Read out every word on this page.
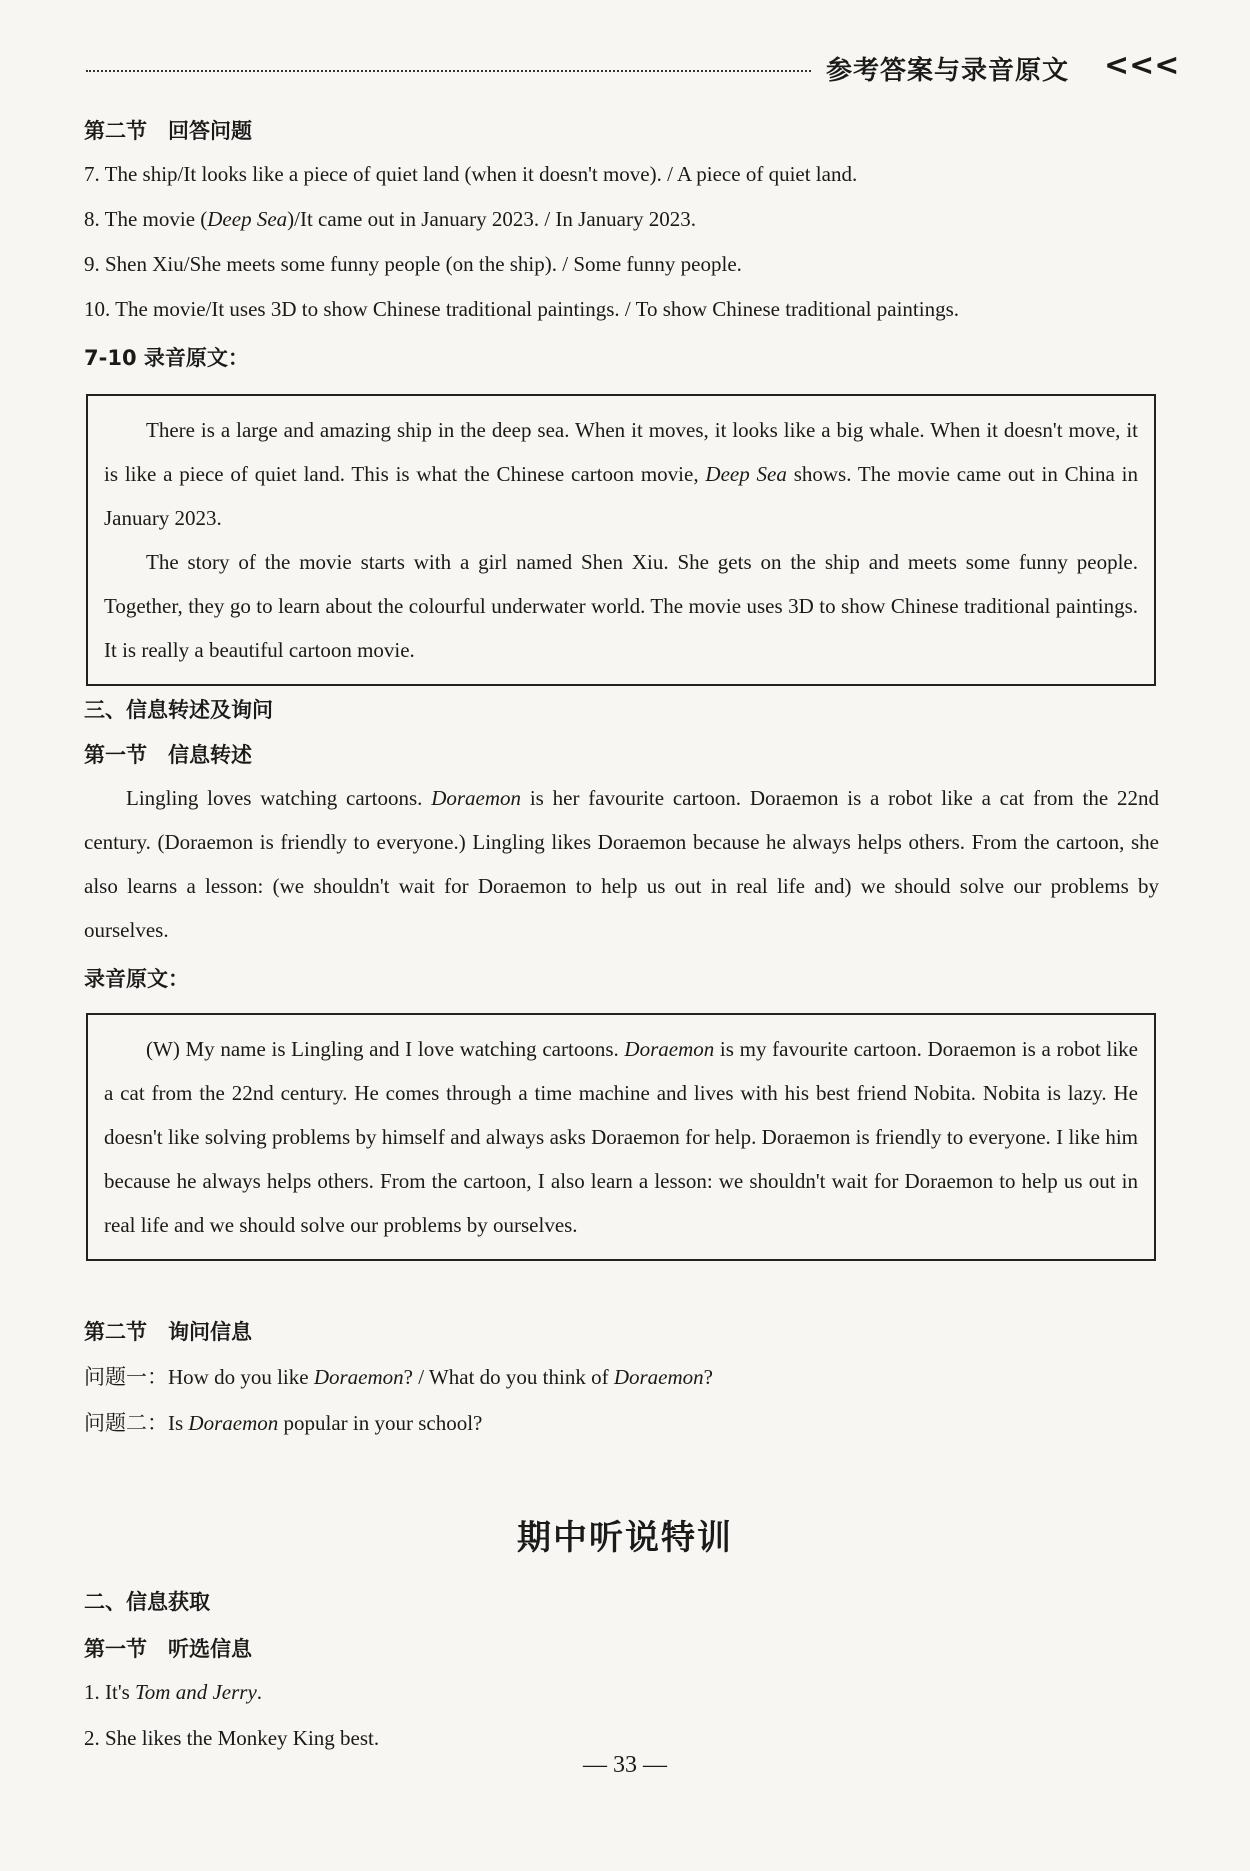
参考答案与录音原文 <<<
第二节　回答问题
7. The ship/It looks like a piece of quiet land (when it doesn't move). / A piece of quiet land.
8. The movie (Deep Sea)/It came out in January 2023. / In January 2023.
9. Shen Xiu/She meets some funny people (on the ship). / Some funny people.
10. The movie/It uses 3D to show Chinese traditional paintings. / To show Chinese traditional paintings.
7-10 录音原文：

There is a large and amazing ship in the deep sea. When it moves, it looks like a big whale. When it doesn't move, it is like a piece of quiet land. This is what the Chinese cartoon movie, Deep Sea shows. The movie came out in China in January 2023.

The story of the movie starts with a girl named Shen Xiu. She gets on the ship and meets some funny people. Together, they go to learn about the colourful underwater world. The movie uses 3D to show Chinese traditional paintings. It is really a beautiful cartoon movie.

三、信息转述及询问
第一节　信息转述

Lingling loves watching cartoons. Doraemon is her favourite cartoon. Doraemon is a robot like a cat from the 22nd century. (Doraemon is friendly to everyone.) Lingling likes Doraemon because he always helps others. From the cartoon, she also learns a lesson: (we shouldn't wait for Doraemon to help us out in real life and) we should solve our problems by ourselves.

录音原文：

(W) My name is Lingling and I love watching cartoons. Doraemon is my favourite cartoon. Doraemon is a robot like a cat from the 22nd century. He comes through a time machine and lives with his best friend Nobita. Nobita is lazy. He doesn't like solving problems by himself and always asks Doraemon for help. Doraemon is friendly to everyone. I like him because he always helps others. From the cartoon, I also learn a lesson: we shouldn't wait for Doraemon to help us out in real life and we should solve our problems by ourselves.

第二节　询问信息
问题一：How do you like Doraemon? / What do you think of Doraemon?
问题二：Is Doraemon popular in your school?
期中听说特训
二、信息获取
第一节　听选信息
1. It's Tom and Jerry.
2. She likes the Monkey King best.
— 33 —
